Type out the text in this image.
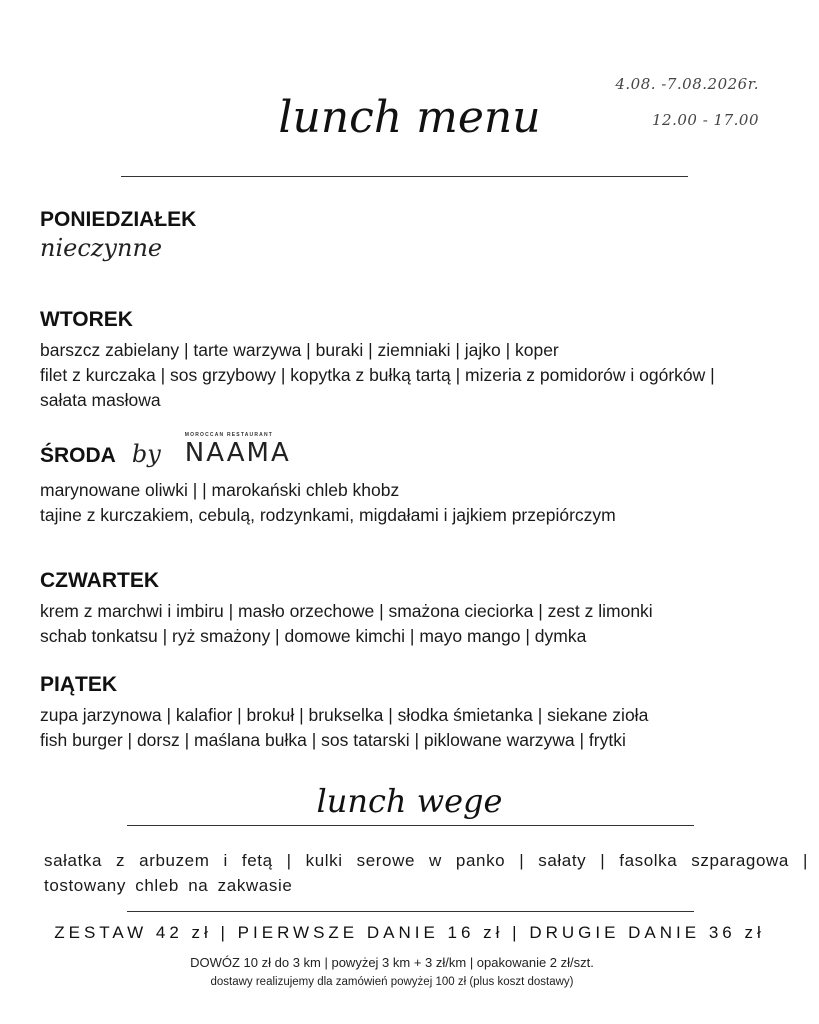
4.08. -7.08.2026r.
12.00 - 17.00
lunch menu
PONIEDZIAŁEK
nieczynne
WTOREK
barszcz zabielany | tarte warzywa | buraki | ziemniaki | jajko | koper
filet z kurczaka | sos grzybowy | kopytka z bułką tartą | mizeria z pomidorów i ogórków |
sałata masłowa
ŚRODA by
MOROCCAN RESTAURANT
NAAMA
marynowane oliwki | | marokański chleb khobz
tajine z kurczakiem, cebulą, rodzynkami, migdałami i jajkiem przepiórczym
CZWARTEK
krem z marchwi i imbiru | masło orzechowe | smażona cieciorka | zest z limonki
schab tonkatsu | ryż smażony | domowe kimchi | mayo mango | dymka
PIĄTEK
zupa jarzynowa | kalafior | brokuł | brukselka | słodka śmietanka | siekane zioła
fish burger | dorsz | maślana bułka | sos tatarski | piklowane warzywa | frytki
lunch wege
sałatka z arbuzem i fetą | kulki serowe w panko | sałaty | fasolka szparagowa | tostowany chleb na zakwasie
ZESTAW 42 zł | PIERWSZE DANIE 16 zł | DRUGIE DANIE 36 zł
DOWÓZ 10 zł do 3 km | powyżej 3 km + 3 zł/km | opakowanie 2 zł/szt.
dostawy realizujemy dla zamówień powyżej 100 zł (plus koszt dostawy)
